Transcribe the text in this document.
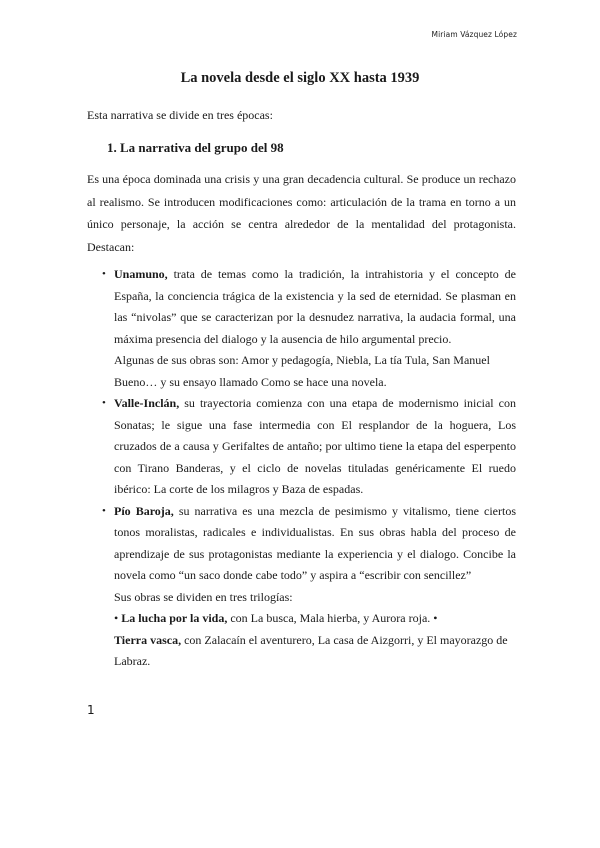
Miriam Vázquez López
La novela desde el siglo XX hasta 1939
Esta narrativa se divide en tres épocas:
1. La narrativa del grupo del 98

Es una época dominada una crisis y una gran decadencia cultural. Se produce un rechazo al realismo. Se introducen modificaciones como: articulación de la trama en torno a un único personaje, la acción se centra alrededor de la mentalidad del protagonista. Destacan:

• Unamuno, trata de temas como la tradición, la intrahistoria y el concepto de España, la conciencia trágica de la existencia y la sed de eternidad. Se plasman en las “nivolas” que se caracterizan por la desnudez narrativa, la audacia formal, una máxima presencia del dialogo y la ausencia de hilo argumental precio.

Algunas de sus obras son: Amor y pedagogía, Niebla, La tía Tula, San Manuel Bueno… y su ensayo llamado Como se hace una novela.

• Valle-Inclán, su trayectoria comienza con una etapa de modernismo inicial con Sonatas; le sigue una fase intermedia con El resplandor de la hoguera, Los cruzados de a causa y Gerifaltes de antaño; por ultimo tiene la etapa del esperpento con Tirano Banderas, y el ciclo de novelas tituladas genéricamente El ruedo ibérico: La corte de los milagros y Baza de espadas.

• Pío Baroja, su narrativa es una mezcla de pesimismo y vitalismo, tiene ciertos tonos moralistas, radicales e individualistas. En sus obras habla del proceso de aprendizaje de sus protagonistas mediante la experiencia y el dialogo. Concibe la novela como “un saco donde cabe todo” y aspira a “escribir con sencillez”

Sus obras se dividen en tres trilogías:

• La lucha por la vida, con La busca, Mala hierba, y Aurora roja. •
Tierra vasca, con Zalacaín el aventurero, La casa de Aizgorri, y El mayorazgo de Labraz.

1
